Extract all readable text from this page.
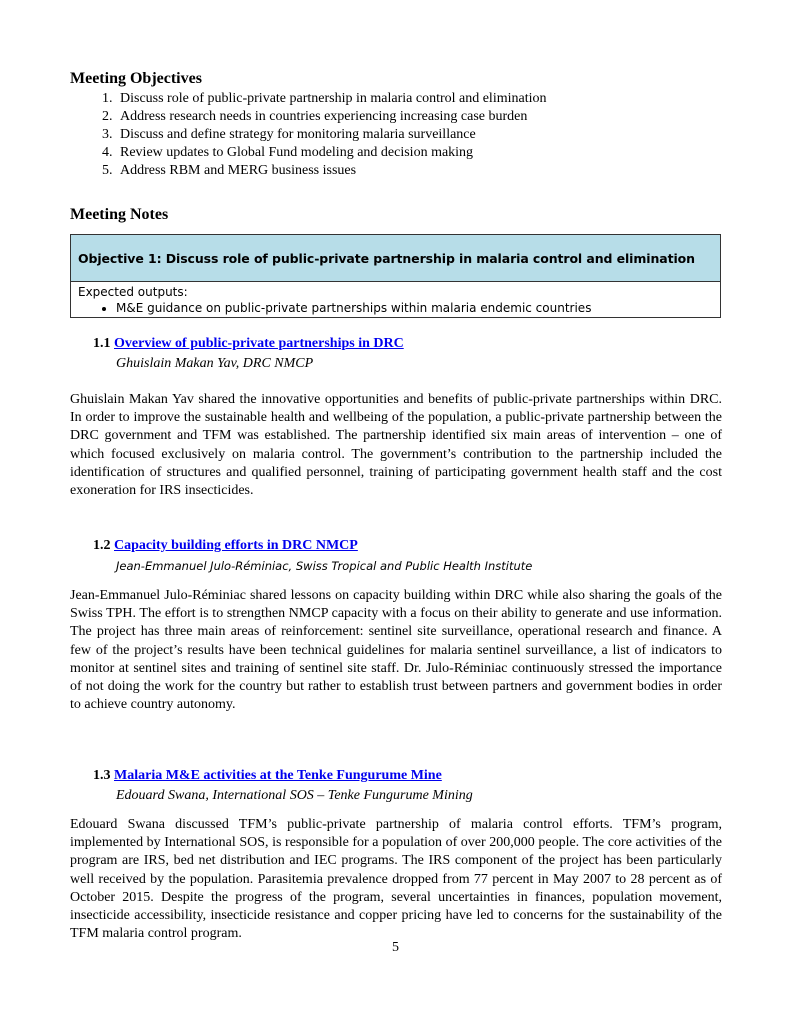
Meeting Objectives
1. Discuss role of public-private partnership in malaria control and elimination
2. Address research needs in countries experiencing increasing case burden
3. Discuss and define strategy for monitoring malaria surveillance
4. Review updates to Global Fund modeling and decision making
5. Address RBM and MERG business issues
Meeting Notes
Objective 1: Discuss role of public-private partnership in malaria control and elimination
Expected outputs:
• M&E guidance on public-private partnerships within malaria endemic countries
1.1 Overview of public-private partnerships in DRC
Ghuislain Makan Yav, DRC NMCP
Ghuislain Makan Yav shared the innovative opportunities and benefits of public-private partnerships within DRC. In order to improve the sustainable health and wellbeing of the population, a public-private partnership between the DRC government and TFM was established. The partnership identified six main areas of intervention – one of which focused exclusively on malaria control. The government’s contribution to the partnership included the identification of structures and qualified personnel, training of participating government health staff and the cost exoneration for IRS insecticides.
1.2 Capacity building efforts in DRC NMCP
Jean-Emmanuel Julo-Réminiac, Swiss Tropical and Public Health Institute
Jean-Emmanuel Julo-Réminiac shared lessons on capacity building within DRC while also sharing the goals of the Swiss TPH. The effort is to strengthen NMCP capacity with a focus on their ability to generate and use information. The project has three main areas of reinforcement: sentinel site surveillance, operational research and finance. A few of the project’s results have been technical guidelines for malaria sentinel surveillance, a list of indicators to monitor at sentinel sites and training of sentinel site staff. Dr. Julo-Réminiac continuously stressed the importance of not doing the work for the country but rather to establish trust between partners and government bodies in order to achieve country autonomy.
1.3 Malaria M&E activities at the Tenke Fungurume Mine
Edouard Swana, International SOS – Tenke Fungurume Mining
Edouard Swana discussed TFM’s public-private partnership of malaria control efforts. TFM’s program, implemented by International SOS, is responsible for a population of over 200,000 people. The core activities of the program are IRS, bed net distribution and IEC programs. The IRS component of the project has been particularly well received by the population. Parasitemia prevalence dropped from 77 percent in May 2007 to 28 percent as of October 2015. Despite the progress of the program, several uncertainties in finances, population movement, insecticide accessibility, insecticide resistance and copper pricing have led to concerns for the sustainability of the TFM malaria control program.
5
